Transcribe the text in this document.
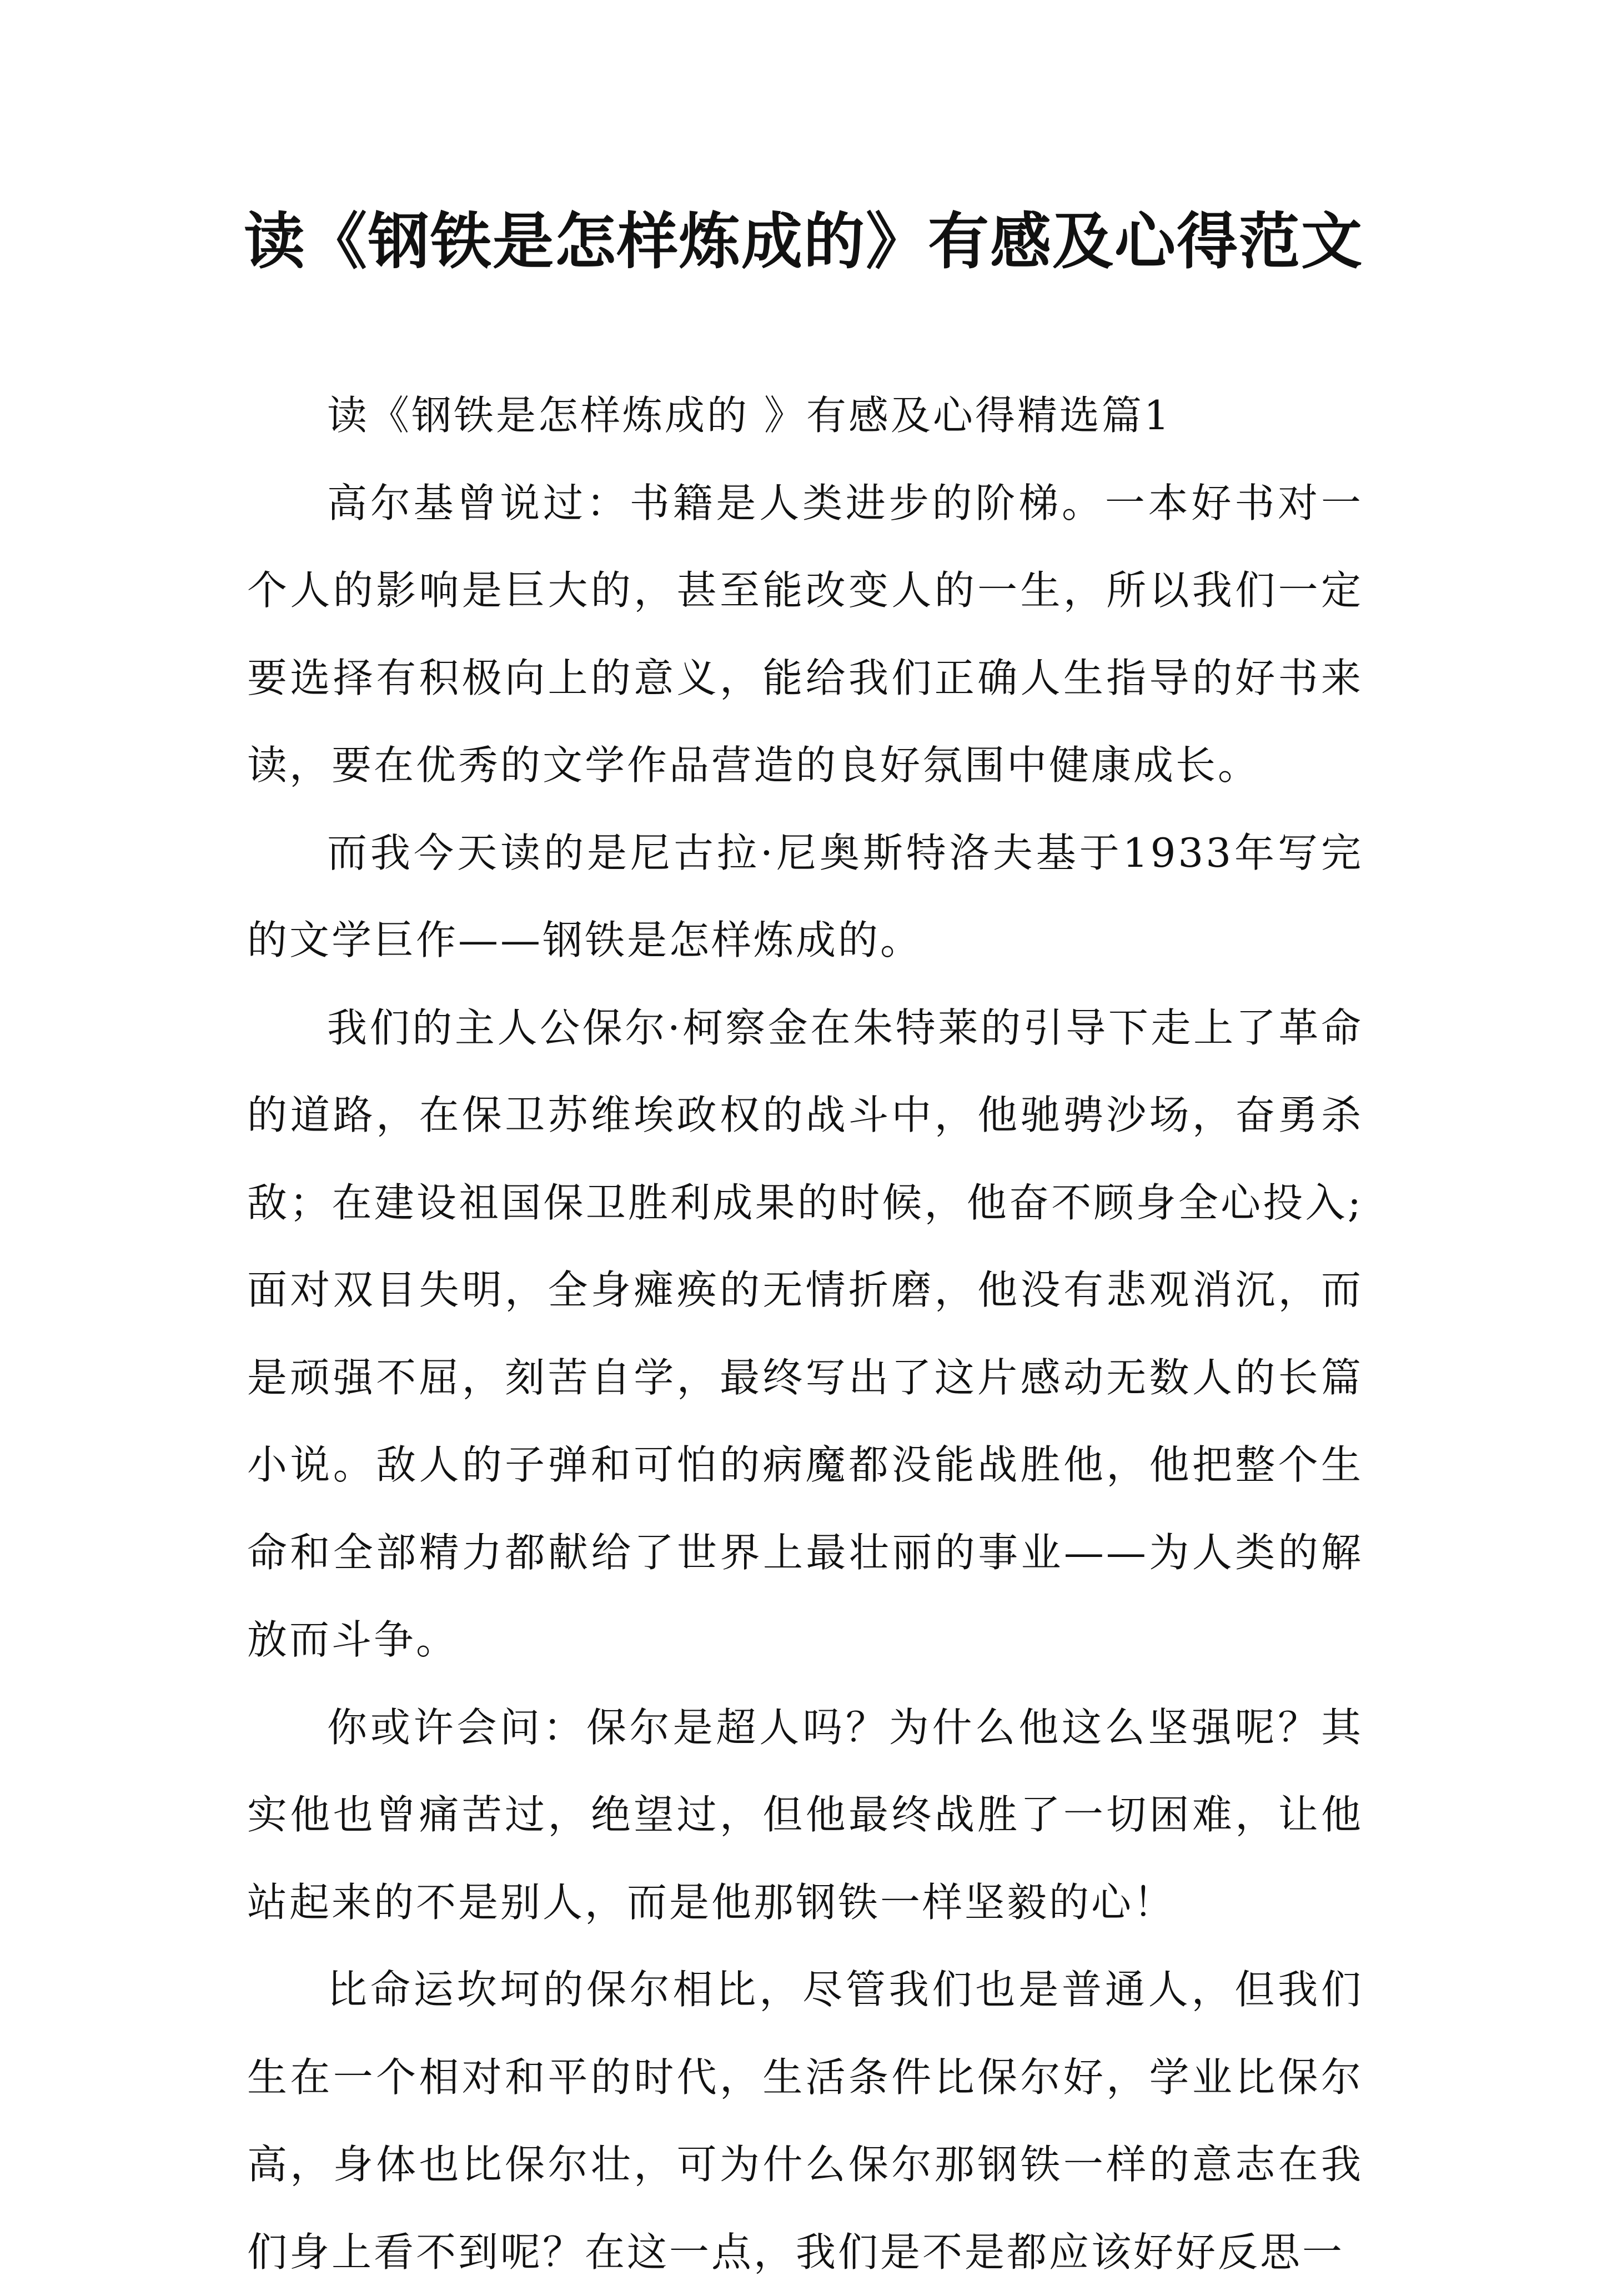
读《钢铁是怎样炼成的》有感及心得范文

读《钢铁是怎样炼成的 》有感及心得精选篇1

高尔基曾说过：书籍是人类进步的阶梯。一本好书对一个人的影响是巨大的，甚至能改变人的一生，所以我们一定要选择有积极向上的意义，能给我们正确人生指导的好书来读，要在优秀的文学作品营造的良好氛围中健康成长。

而我今天读的是尼古拉·尼奥斯特洛夫基于1933年写完的文学巨作——钢铁是怎样炼成的。

我们的主人公保尔·柯察金在朱特莱的引导下走上了革命的道路，在保卫苏维埃政权的战斗中，他驰骋沙场，奋勇杀敌；在建设祖国保卫胜利成果的时候，他奋不顾身全心投入;面对双目失明，全身瘫痪的无情折磨，他没有悲观消沉，而是顽强不屈，刻苦自学，最终写出了这片感动无数人的长篇小说。敌人的子弹和可怕的病魔都没能战胜他，他把整个生命和全部精力都献给了世界上最壮丽的事业——为人类的解放而斗争。

你或许会问：保尔是超人吗？为什么他这么坚强呢？其实他也曾痛苦过，绝望过，但他最终战胜了一切困难，让他站起来的不是别人，而是他那钢铁一样坚毅的心！

比命运坎坷的保尔相比，尽管我们也是普通人，但我们生在一个相对和平的时代，生活条件比保尔好，学业比保尔高，身体也比保尔壮，可为什么保尔那钢铁一样的意志在我们身上看不到呢？在这一点，我们是不是都应该好好反思一
